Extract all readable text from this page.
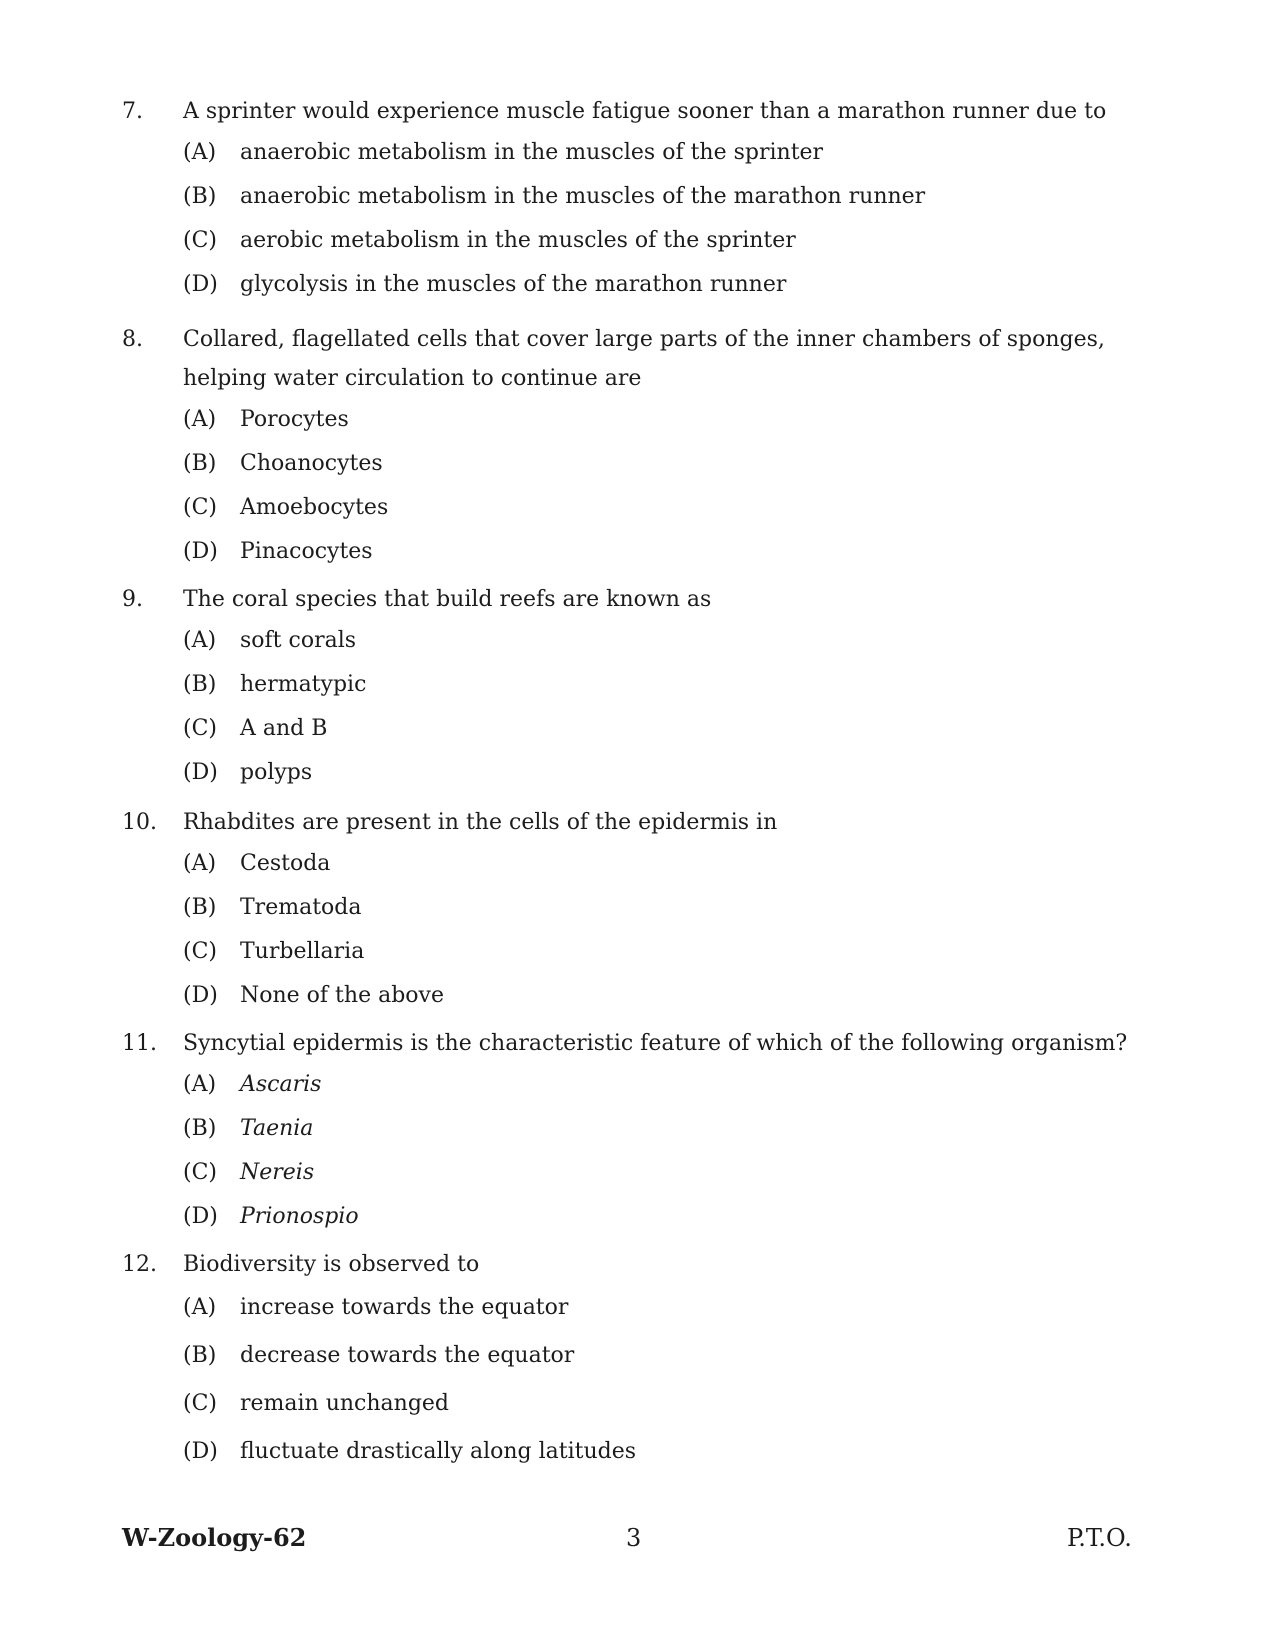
7.	A sprinter would experience muscle fatigue sooner than a marathon runner due to
(A) anaerobic metabolism in the muscles of the sprinter
(B) anaerobic metabolism in the muscles of the marathon runner
(C) aerobic metabolism in the muscles of the sprinter
(D) glycolysis in the muscles of the marathon runner
8.	Collared, flagellated cells that cover large parts of the inner chambers of sponges, helping water circulation to continue are
(A) Porocytes
(B) Choanocytes
(C) Amoebocytes
(D) Pinacocytes
9.	The coral species that build reefs are known as
(A) soft corals
(B) hermatypic
(C) A and B
(D) polyps
10.	Rhabdites are present in the cells of the epidermis in
(A) Cestoda
(B) Trematoda
(C) Turbellaria
(D) None of the above
11.	Syncytial epidermis is the characteristic feature of which of the following organism?
(A) Ascaris
(B) Taenia
(C) Nereis
(D) Prionospio
12.	Biodiversity is observed to
(A) increase towards the equator
(B) decrease towards the equator
(C) remain unchanged
(D) fluctuate drastically along latitudes
W-Zoology-62	3	P.T.O.
